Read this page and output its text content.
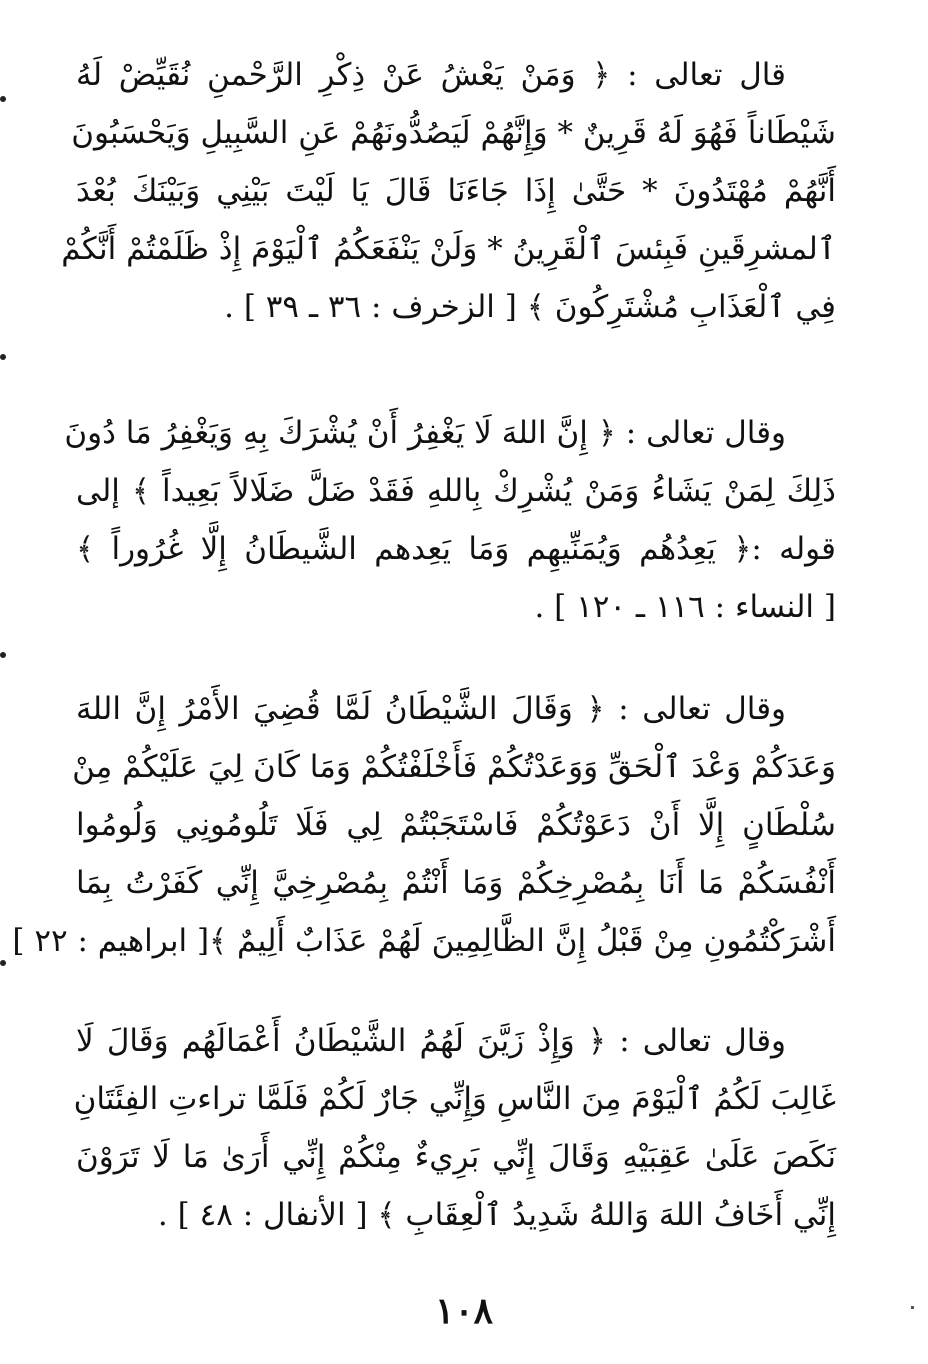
قال تعالى : ﴿ وَمَنْ يَعْشُ عَنْ ذِكْرِ الرَّحْمنِ نُقَيِّضْ لَهُ
شَيْطَاناً فَهُوَ لَهُ قَرِينٌ * وَإِنَّهُمْ لَيَصُدُّونَهُمْ عَنِ السَّبِيلِ وَيَحْسَبُونَ
أَنَّهُمْ مُهْتَدُونَ * حَتَّىٰ إِذَا جَاءَنَا قَالَ يَا لَيْتَ بَيْنِي وَبَيْنَكَ بُعْدَ
ٱلمشرِقَينِ فَبِئسَ ٱلْقَرِينُ * وَلَنْ يَنْفَعَكُمُ ٱلْيَوْمَ إِذْ ظَلَمْتُمْ أَنَّكُمْ
فِي ٱلْعَذَابِ مُشْتَرِكُونَ ﴾ [ الزخرف : ٣٦ ـ ٣٩ ] .
وقال تعالى : ﴿ إِنَّ اللهَ لَا يَغْفِرُ أَنْ يُشْرَكَ بِهِ وَيَغْفِرُ مَا دُونَ
ذَلِكَ لِمَنْ يَشَاءُ وَمَنْ يُشْرِكْ بِاللهِ فَقَدْ ضَلَّ ضَلَالاً بَعِيداً ﴾ إلى
قوله :﴿ يَعِدُهُم وَيُمَنِّيهِم وَمَا يَعِدهم الشَّيطَانُ إِلَّا غُرُوراً ﴾
[ النساء : ١١٦ ـ ١٢٠ ] .
وقال تعالى : ﴿ وَقَالَ الشَّيْطَانُ لَمَّا قُضِيَ الأَمْرُ إِنَّ اللهَ
وَعَدَكُمْ وَعْدَ ٱلْحَقِّ وَوَعَدْتُكُمْ فَأَخْلَفْتُكُمْ وَمَا كَانَ لِيَ عَلَيْكُمْ مِنْ
سُلْطَانٍ إِلَّا أَنْ دَعَوْتُكُمْ فَاسْتَجَبْتُمْ لِي فَلَا تَلُومُونِي وَلُومُوا
أَنْفُسَكُمْ مَا أَنَا بِمُصْرِخِكُمْ وَمَا أَنْتُمْ بِمُصْرِخِيَّ إِنِّي كَفَرْتُ بِمَا
أَشْرَكْتُمُونِ مِنْ قَبْلُ إِنَّ الظَّالِمِينَ لَهُمْ عَذَابٌ أَلِيمٌ ﴾[ ابراهيم : ٢٢ ]
وقال تعالى : ﴿ وَإِذْ زَيَّنَ لَهُمُ الشَّيْطَانُ أَعْمَالَهُم وَقَالَ لَا
غَالِبَ لَكُمُ ٱلْيَوْمَ مِنَ النَّاسِ وَإِنِّي جَارٌ لَكُمْ فَلَمَّا تراءتِ الفِئَتَانِ
نَكَصَ عَلَىٰ عَقِبَيْهِ وَقَالَ إِنِّي بَرِيءٌ مِنْكُمْ إِنِّي أَرَىٰ مَا لَا تَرَوْنَ
إِنِّي أَخَافُ اللهَ وَاللهُ شَدِيدُ ٱلْعِقَابِ ﴾ [ الأنفال : ٤٨ ] .
١٠٨
